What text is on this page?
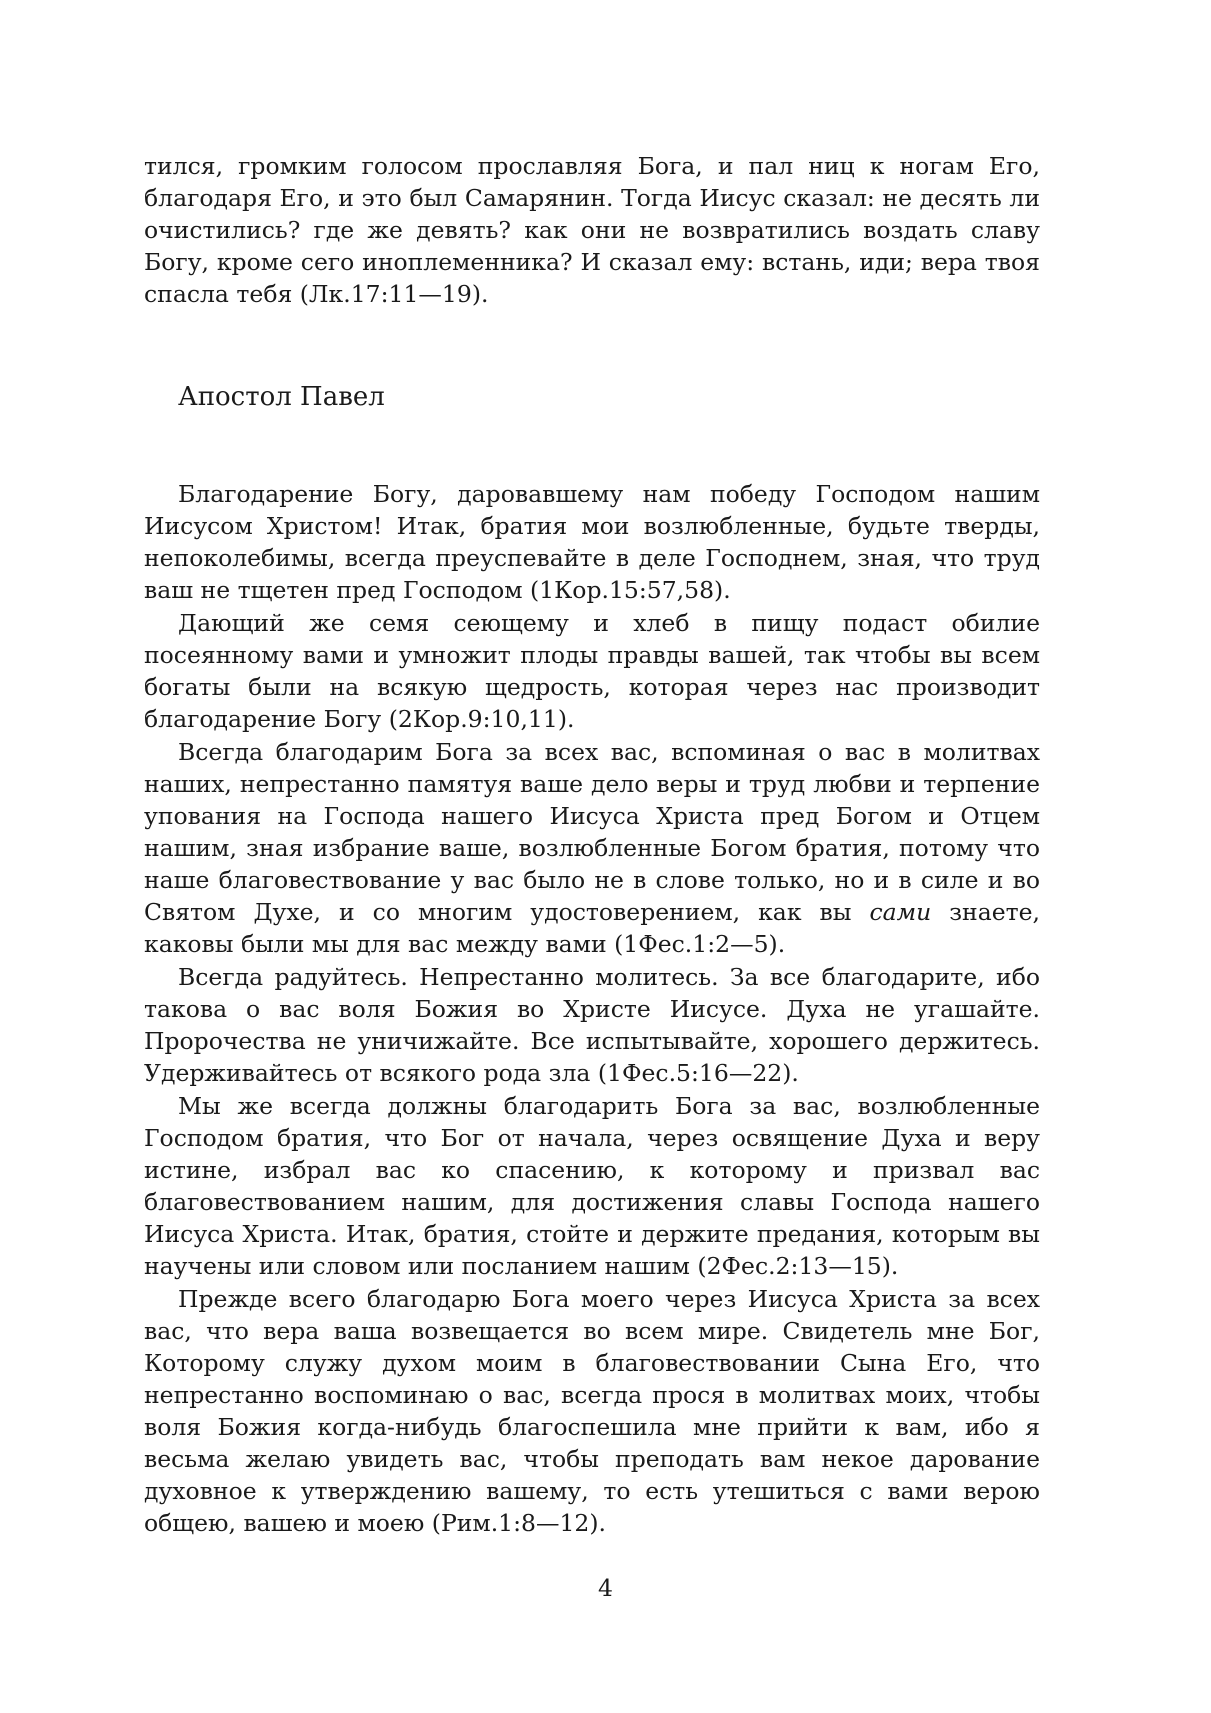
тился, громким голосом прославляя Бога, и пал ниц к ногам Его, благодаря Его, и это был Самарянин. Тогда Иисус сказал: не десять ли очистились? где же девять? как они не возвратились воздать славу Богу, кроме сего иноплеменника? И сказал ему: встань, иди; вера твоя спасла тебя (Лк.17:11—19).

Апостол Павел

Благодарение Богу, даровавшему нам победу Господом нашим Иисусом Христом! Итак, братия мои возлюбленные, будьте тверды, непоколебимы, всегда преуспевайте в деле Господнем, зная, что труд ваш не тщетен пред Господом (1Кор.15:57,58).

Дающий же семя сеющему и хлеб в пищу подаст обилие посеянному вами и умножит плоды правды вашей, так чтобы вы всем богаты были на всякую щедрость, которая через нас производит благодарение Богу (2Кор.9:10,11).

Всегда благодарим Бога за всех вас, вспоминая о вас в молитвах наших, непрестанно памятуя ваше дело веры и труд любви и терпение упования на Господа нашего Иисуса Христа пред Богом и Отцем нашим, зная избрание ваше, возлюбленные Богом братия, потому что наше благовествование у вас было не в слове только, но и в силе и во Святом Духе, и со многим удостоверением, как вы сами знаете, каковы были мы для вас между вами (1Фес.1:2—5).

Всегда радуйтесь. Непрестанно молитесь. За все благодарите, ибо такова о вас воля Божия во Христе Иисусе. Духа не угашайте. Пророчества не уничижайте. Все испытывайте, хорошего держитесь. Удерживайтесь от всякого рода зла (1Фес.5:16—22).

Мы же всегда должны благодарить Бога за вас, возлюбленные Господом братия, что Бог от начала, через освящение Духа и веру истине, избрал вас ко спасению, к которому и призвал вас благовествованием нашим, для достижения славы Господа нашего Иисуса Христа. Итак, братия, стойте и держите предания, которым вы научены или словом или посланием нашим (2Фес.2:13—15).

Прежде всего благодарю Бога моего через Иисуса Христа за всех вас, что вера ваша возвещается во всем мире. Свидетель мне Бог, Которому служу духом моим в благовествовании Сына Его, что непрестанно воспоминаю о вас, всегда прося в молитвах моих, чтобы воля Божия когда-нибудь благоспешила мне прийти к вам, ибо я весьма желаю увидеть вас, чтобы преподать вам некое дарование духовное к утверждению вашему, то есть утешиться с вами верою общею, вашею и моею (Рим.1:8—12).

4
